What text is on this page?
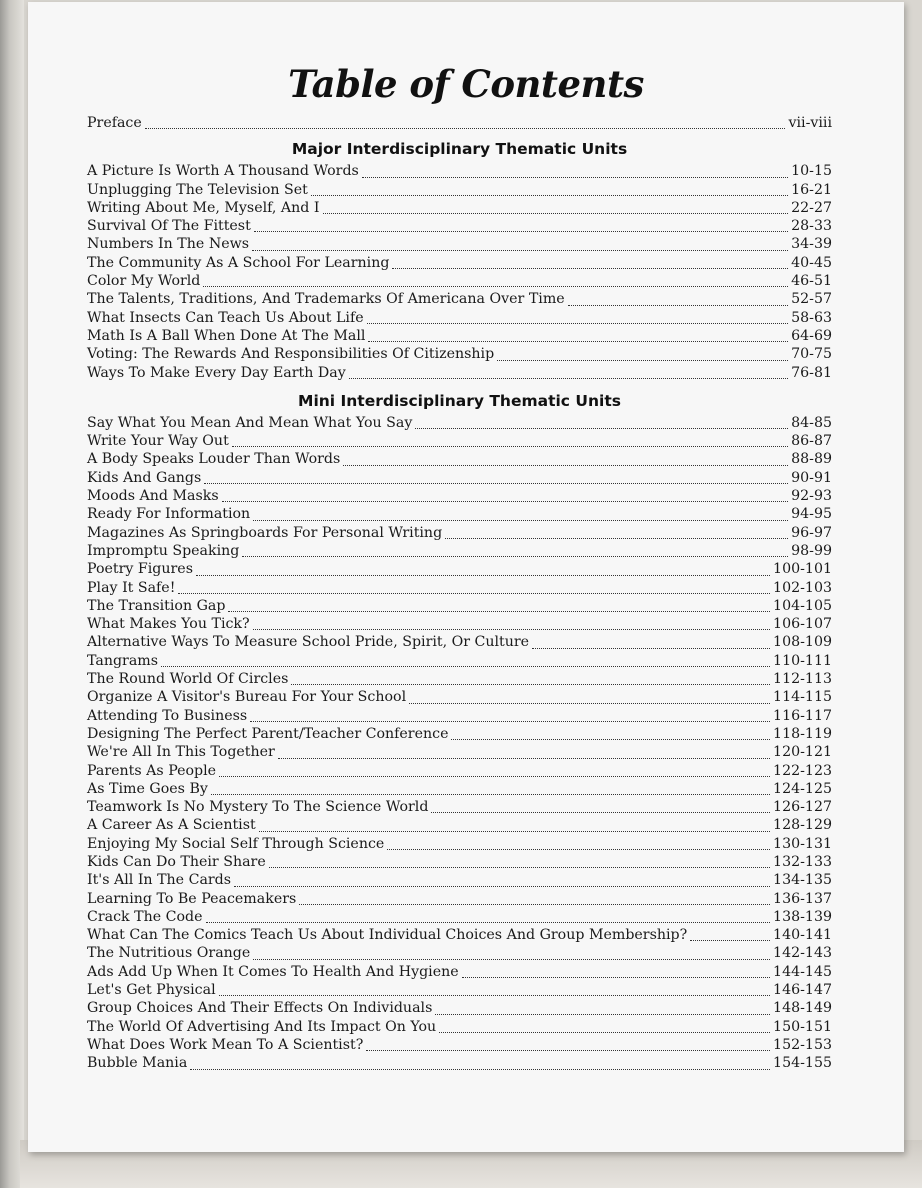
Table of Contents
Preface	vii-viii
Major Interdisciplinary Thematic Units
A Picture Is Worth A Thousand Words	10-15
Unplugging The Television Set	16-21
Writing About Me, Myself, And I	22-27
Survival Of The Fittest	28-33
Numbers In The News	34-39
The Community As A School For Learning	40-45
Color My World	46-51
The Talents, Traditions, And Trademarks Of Americana Over Time	52-57
What Insects Can Teach Us About Life	58-63
Math Is A Ball When Done At The Mall	64-69
Voting: The Rewards And Responsibilities Of Citizenship	70-75
Ways To Make Every Day Earth Day	76-81
Mini Interdisciplinary Thematic Units
Say What You Mean And Mean What You Say	84-85
Write Your Way Out	86-87
A Body Speaks Louder Than Words	88-89
Kids And Gangs	90-91
Moods And Masks	92-93
Ready For Information	94-95
Magazines As Springboards For Personal Writing	96-97
Impromptu Speaking	98-99
Poetry Figures	100-101
Play It Safe!	102-103
The Transition Gap	104-105
What Makes You Tick?	106-107
Alternative Ways To Measure School Pride, Spirit, Or Culture	108-109
Tangrams	110-111
The Round World Of Circles	112-113
Organize A Visitor's Bureau For Your School	114-115
Attending To Business	116-117
Designing The Perfect Parent/Teacher Conference	118-119
We're All In This Together	120-121
Parents As People	122-123
As Time Goes By	124-125
Teamwork Is No Mystery To The Science World	126-127
A Career As A Scientist	128-129
Enjoying My Social Self Through Science	130-131
Kids Can Do Their Share	132-133
It's All In The Cards	134-135
Learning To Be Peacemakers	136-137
Crack The Code	138-139
What Can The Comics Teach Us About Individual Choices And Group Membership?	140-141
The Nutritious Orange	142-143
Ads Add Up When It Comes To Health And Hygiene	144-145
Let's Get Physical	146-147
Group Choices And Their Effects On Individuals	148-149
The World Of Advertising And Its Impact On You	150-151
What Does Work Mean To A Scientist?	152-153
Bubble Mania	154-155
